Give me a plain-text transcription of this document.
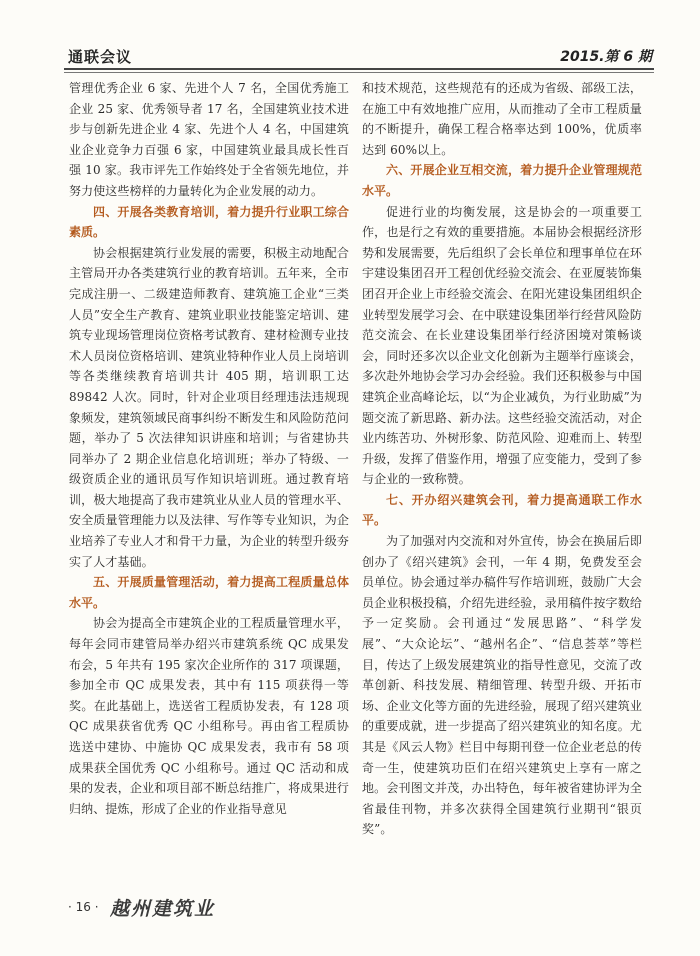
通联会议	2015.第 6 期

管理优秀企业 6 家、先进个人 7 名，全国优秀施工企业 25 家、优秀领导者 17 名，全国建筑业技术进步与创新先进企业 4 家、先进个人 4 名，中国建筑业企业竞争力百强 6 家，中国建筑业最具成长性百强 10 家。我市评先工作始终处于全省领先地位，并努力使这些榜样的力量转化为企业发展的动力。

四、开展各类教育培训，着力提升行业职工综合素质。

协会根据建筑行业发展的需要，积极主动地配合主管局开办各类建筑行业的教育培训。五年来，全市完成注册一、二级建造师教育、建筑施工企业“三类人员”安全生产教育、建筑业职业技能鉴定培训、建筑专业现场管理岗位资格考试教育、建材检测专业技术人员岗位资格培训、建筑业特种作业人员上岗培训等各类继续教育培训共计 405 期，培训职工达 89842 人次。同时，针对企业项目经理违法违规现象频发，建筑领域民商事纠纷不断发生和风险防范问题，举办了 5 次法律知识讲座和培训；与省建协共同举办了 2 期企业信息化培训班；举办了特级、一级资质企业的通讯员写作知识培训班。通过教育培训，极大地提高了我市建筑业从业人员的管理水平、安全质量管理能力以及法律、写作等专业知识，为企业培养了专业人才和骨干力量，为企业的转型升级夯实了人才基础。

五、开展质量管理活动，着力提高工程质量总体水平。

协会为提高全市建筑企业的工程质量管理水平，每年会同市建管局举办绍兴市建筑系统 QC 成果发布会，5 年共有 195 家次企业所作的 317 项课题，参加全市 QC 成果发表，其中有 115 项获得一等奖。在此基础上，选送省工程质协发表，有 128 项 QC 成果获省优秀 QC 小组称号。再由省工程质协选送中建协、中施协 QC 成果发表，我市有 58 项成果获全国优秀 QC 小组称号。通过 QC 活动和成果的发表，企业和项目部不断总结推广，将成果进行归纳、提炼，形成了企业的作业指导意见

和技术规范，这些规范有的还成为省级、部级工法，在施工中有效地推广应用，从而推动了全市工程质量的不断提升，确保工程合格率达到 100%，优质率达到 60%以上。

六、开展企业互相交流，着力提升企业管理规范水平。

促进行业的均衡发展，这是协会的一项重要工作，也是行之有效的重要措施。本届协会根据经济形势和发展需要，先后组织了会长单位和理事单位在环宇建设集团召开工程创优经验交流会、在亚厦装饰集团召开企业上市经验交流会、在阳光建设集团组织企业转型发展学习会、在中联建设集团举行经营风险防范交流会、在长业建设集团举行经济困境对策畅谈会，同时还多次以企业文化创新为主题举行座谈会，多次赴外地协会学习办会经验。我们还积极参与中国建筑企业高峰论坛，以“为企业减负，为行业助威”为题交流了新思路、新办法。这些经验交流活动，对企业内练苦功、外树形象、防范风险、迎难而上、转型升级，发挥了借鉴作用，增强了应变能力，受到了参与企业的一致称赞。

七、开办绍兴建筑会刊，着力提高通联工作水平。

为了加强对内交流和对外宣传，协会在换届后即创办了《绍兴建筑》会刊，一年 4 期，免费发至会员单位。协会通过举办稿件写作培训班，鼓励广大会员企业积极投稿，介绍先进经验，录用稿件按字数给予一定奖励。会刊通过“发展思路”、“科学发展”、“大众论坛”、“越州名企”、“信息荟萃”等栏目，传达了上级发展建筑业的指导性意见，交流了改革创新、科技发展、精细管理、转型升级、开拓市场、企业文化等方面的先进经验，展现了绍兴建筑业的重要成就，进一步提高了绍兴建筑业的知名度。尤其是《风云人物》栏目中每期刊登一位企业老总的传奇一生，使建筑功臣们在绍兴建筑史上享有一席之地。会刊图文并茂，办出特色，每年被省建协评为全省最佳刊物，并多次获得全国建筑行业期刊“银页奖”。

· 16 · 越州建筑业
